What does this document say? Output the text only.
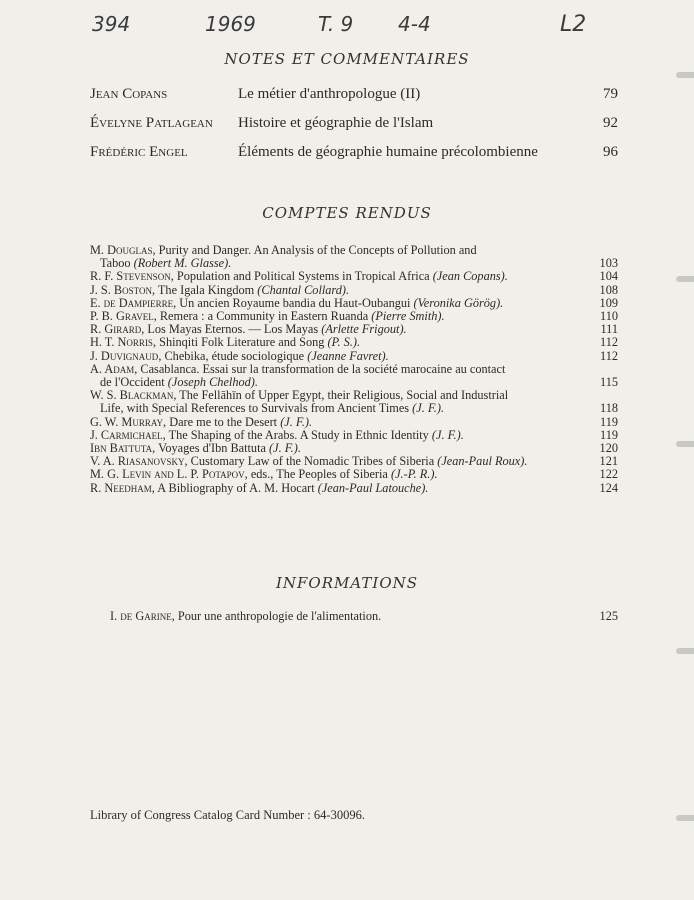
394	1969	T. 9 4-4	L2
NOTES ET COMMENTAIRES
Jean Copans	Le métier d'anthropologue (II)	79
Évelyne Patlagean	Histoire et géographie de l'Islam	92
Frédéric Engel	Éléments de géographie humaine précolombienne	96
COMPTES RENDUS
M. Douglas, Purity and Danger. An Analysis of the Concepts of Pollution and
Taboo (Robert M. Glasse).	103
R. F. Stevenson, Population and Political Systems in Tropical Africa (Jean Copans).	104
J. S. Boston, The Igala Kingdom (Chantal Collard).	108
E. de Dampierre, Un ancien Royaume bandia du Haut-Oubangui (Veronika Görög).	109
P. B. Gravel, Remera : a Community in Eastern Ruanda (Pierre Smith).	110
R. Girard, Los Mayas Eternos. — Los Mayas (Arlette Frigout).	111
H. T. Norris, Shinqiti Folk Literature and Song (P. S.).	112
J. Duvignaud, Chebika, étude sociologique (Jeanne Favret).	112
A. Adam, Casablanca. Essai sur la transformation de la société marocaine au contact
de l'Occident (Joseph Chelhod).	115
W. S. Blackman, The Fellāhīn of Upper Egypt, their Religious, Social and Industrial
Life, with Special References to Survivals from Ancient Times (J. F.).	118
G. W. Murray, Dare me to the Desert (J. F.).	119
J. Carmichael, The Shaping of the Arabs. A Study in Ethnic Identity (J. F.).	119
Ibn Battuta, Voyages d'Ibn Battuta (J. F.).	120
V. A. Riasanovsky, Customary Law of the Nomadic Tribes of Siberia (Jean-Paul Roux).	121
M. G. Levin and L. P. Potapov, eds., The Peoples of Siberia (J.-P. R.).	122
R. Needham, A Bibliography of A. M. Hocart (Jean-Paul Latouche).	124
INFORMATIONS
I. de Garine, Pour une anthropologie de l'alimentation.	125
Library of Congress Catalog Card Number : 64-30096.
